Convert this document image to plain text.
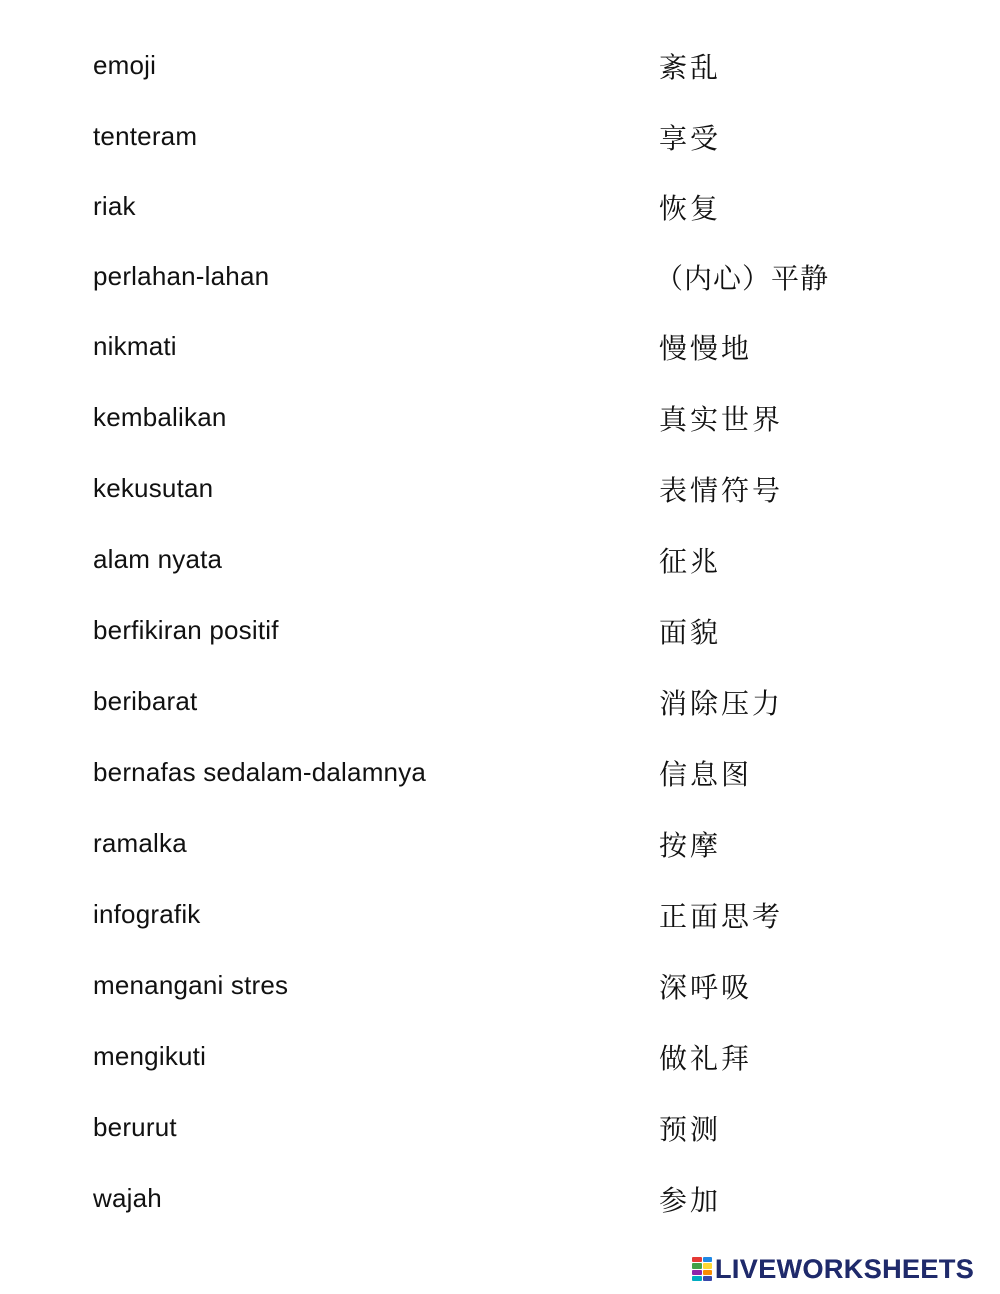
emoji	紊乱
tenteram	享受
riak	恢复
perlahan-lahan	（内心）平静
nikmati	慢慢地
kembalikan	真实世界
kekusutan	表情符号
alam nyata	征兆
berfikiran positif	面貌
beribarat	消除压力
bernafas sedalam-dalamnya	信息图
ramalka	按摩
infografik	正面思考
menangani stres	深呼吸
mengikuti	做礼拜
berurut	预测
wajah	参加
LIVEWORKSHEETS
